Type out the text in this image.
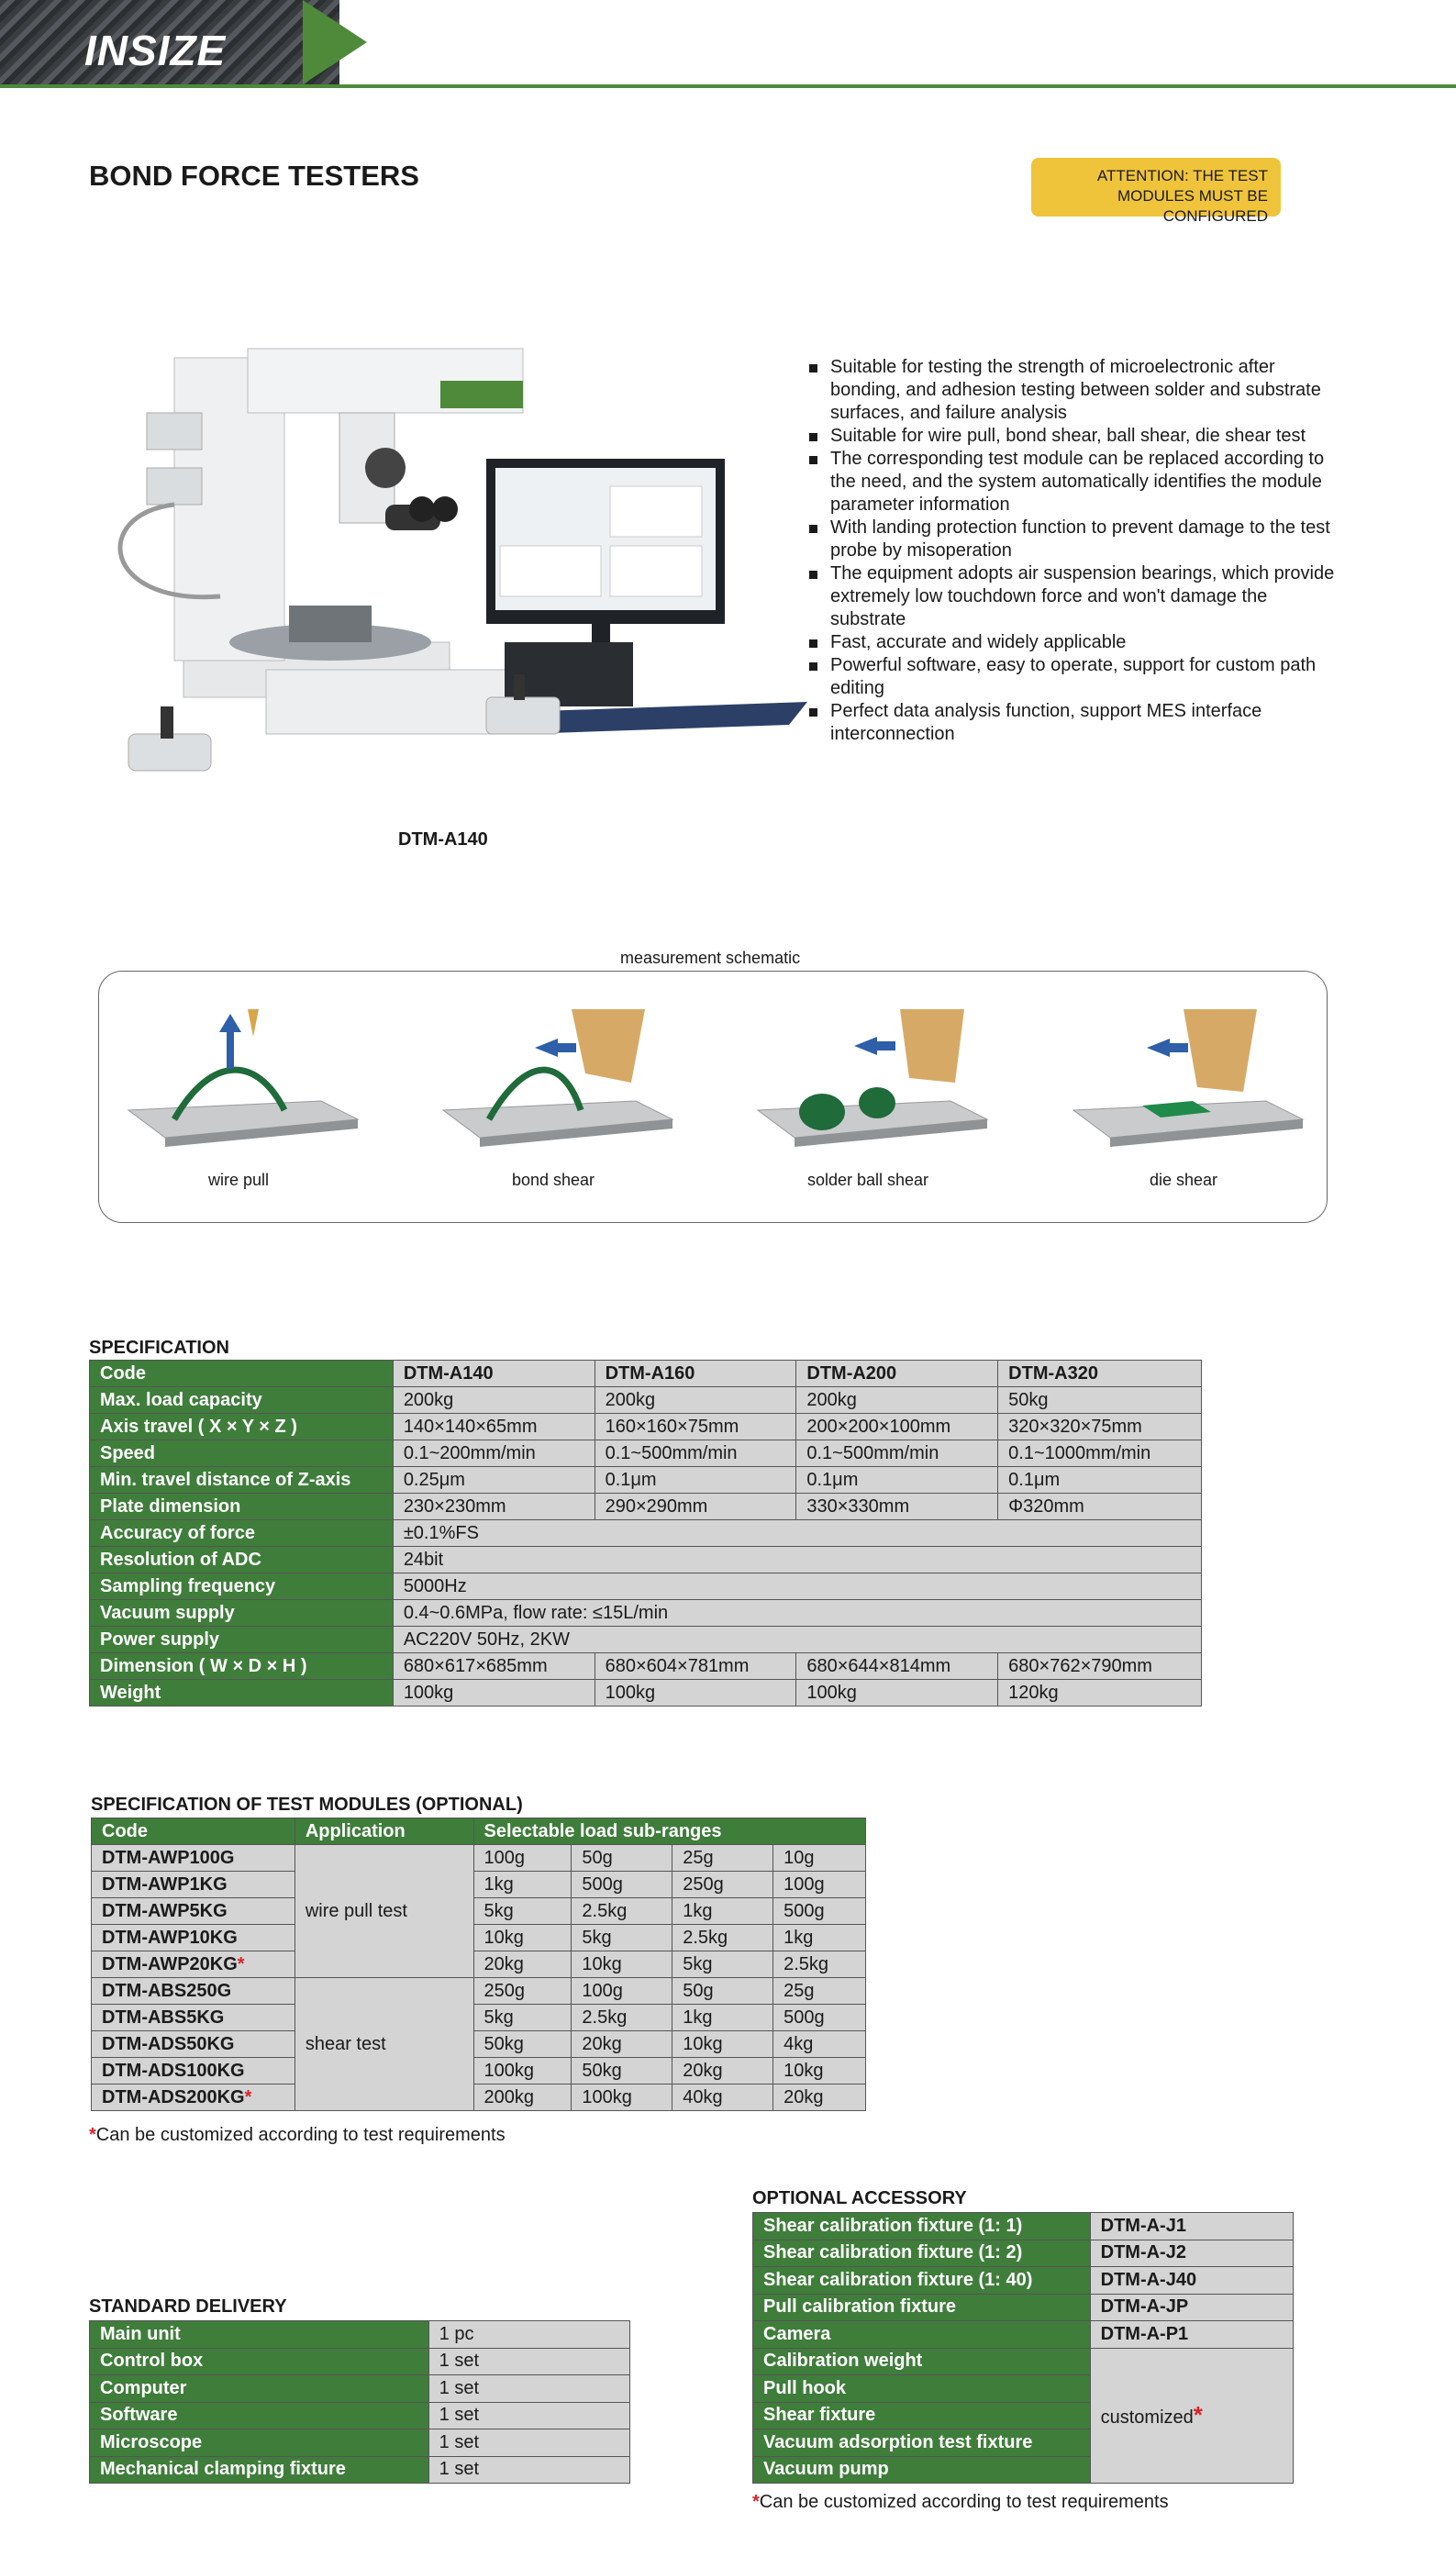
INSIZE
BOND FORCE TESTERS	ATTENTION: THE TEST MODULES MUST BE CONFIGURED
DTM-A140
Suitable for testing the strength of microelectronic after bonding, and adhesion testing between solder and substrate surfaces, and failure analysis
Suitable for wire pull, bond shear, ball shear, die shear test
The corresponding test module can be replaced according to the need, and the system automatically identifies the module parameter information
With landing protection function to prevent damage to the test probe by misoperation
The equipment adopts air suspension bearings, which provide extremely low touchdown force and won't damage the substrate
Fast, accurate and widely applicable
Powerful software, easy to operate, support for custom path editing
Perfect data analysis function, support MES interface interconnection
measurement schematic
wire pull	bond shear	solder ball shear	die shear
SPECIFICATION
Code	DTM-A140	DTM-A160	DTM-A200	DTM-A320
Max. load capacity	200kg	200kg	200kg	50kg
Axis travel ( X × Y × Z )	140×140×65mm	160×160×75mm	200×200×100mm	320×320×75mm
Speed	0.1~200mm/min	0.1~500mm/min	0.1~500mm/min	0.1~1000mm/min
Min. travel distance of Z-axis	0.25μm	0.1μm	0.1μm	0.1μm
Plate dimension	230×230mm	290×290mm	330×330mm	Φ320mm
Accuracy of force	±0.1%FS			
Resolution of ADC	24bit			
Sampling frequency	5000Hz			
Vacuum supply	0.4~0.6MPa, flow rate: ≤15L/min			
Power supply	AC220V 50Hz, 2KW			
Dimension ( W × D × H )	680×617×685mm	680×604×781mm	680×644×814mm	680×762×790mm
Weight	100kg	100kg	100kg	120kg
SPECIFICATION OF TEST MODULES (OPTIONAL)
Code	Application	Selectable load sub-ranges			
DTM-AWP100G	wire pull test	100g	50g	25g	10g
DTM-AWP1KG		1kg	500g	250g	100g
DTM-AWP5KG		5kg	2.5kg	1kg	500g
DTM-AWP10KG		10kg	5kg	2.5kg	1kg
DTM-AWP20KG*		20kg	10kg	5kg	2.5kg
DTM-ABS250G	shear test	250g	100g	50g	25g
DTM-ABS5KG		5kg	2.5kg	1kg	500g
DTM-ADS50KG		50kg	20kg	10kg	4kg
DTM-ADS100KG		100kg	50kg	20kg	10kg
DTM-ADS200KG*		200kg	100kg	40kg	20kg
*Can be customized according to test requirements
STANDARD DELIVERY
Main unit	1 pc
Control box	1 set
Computer	1 set
Software	1 set
Microscope	1 set
Mechanical clamping fixture	1 set
OPTIONAL ACCESSORY
Shear calibration fixture (1: 1)	DTM-A-J1
Shear calibration fixture (1: 2)	DTM-A-J2
Shear calibration fixture (1: 40)	DTM-A-J40
Pull calibration fixture	DTM-A-JP
Camera	DTM-A-P1
Calibration weight	customized*
Pull hook	
Shear fixture	
Vacuum adsorption test fixture	
Vacuum pump	
*Can be customized according to test requirements
